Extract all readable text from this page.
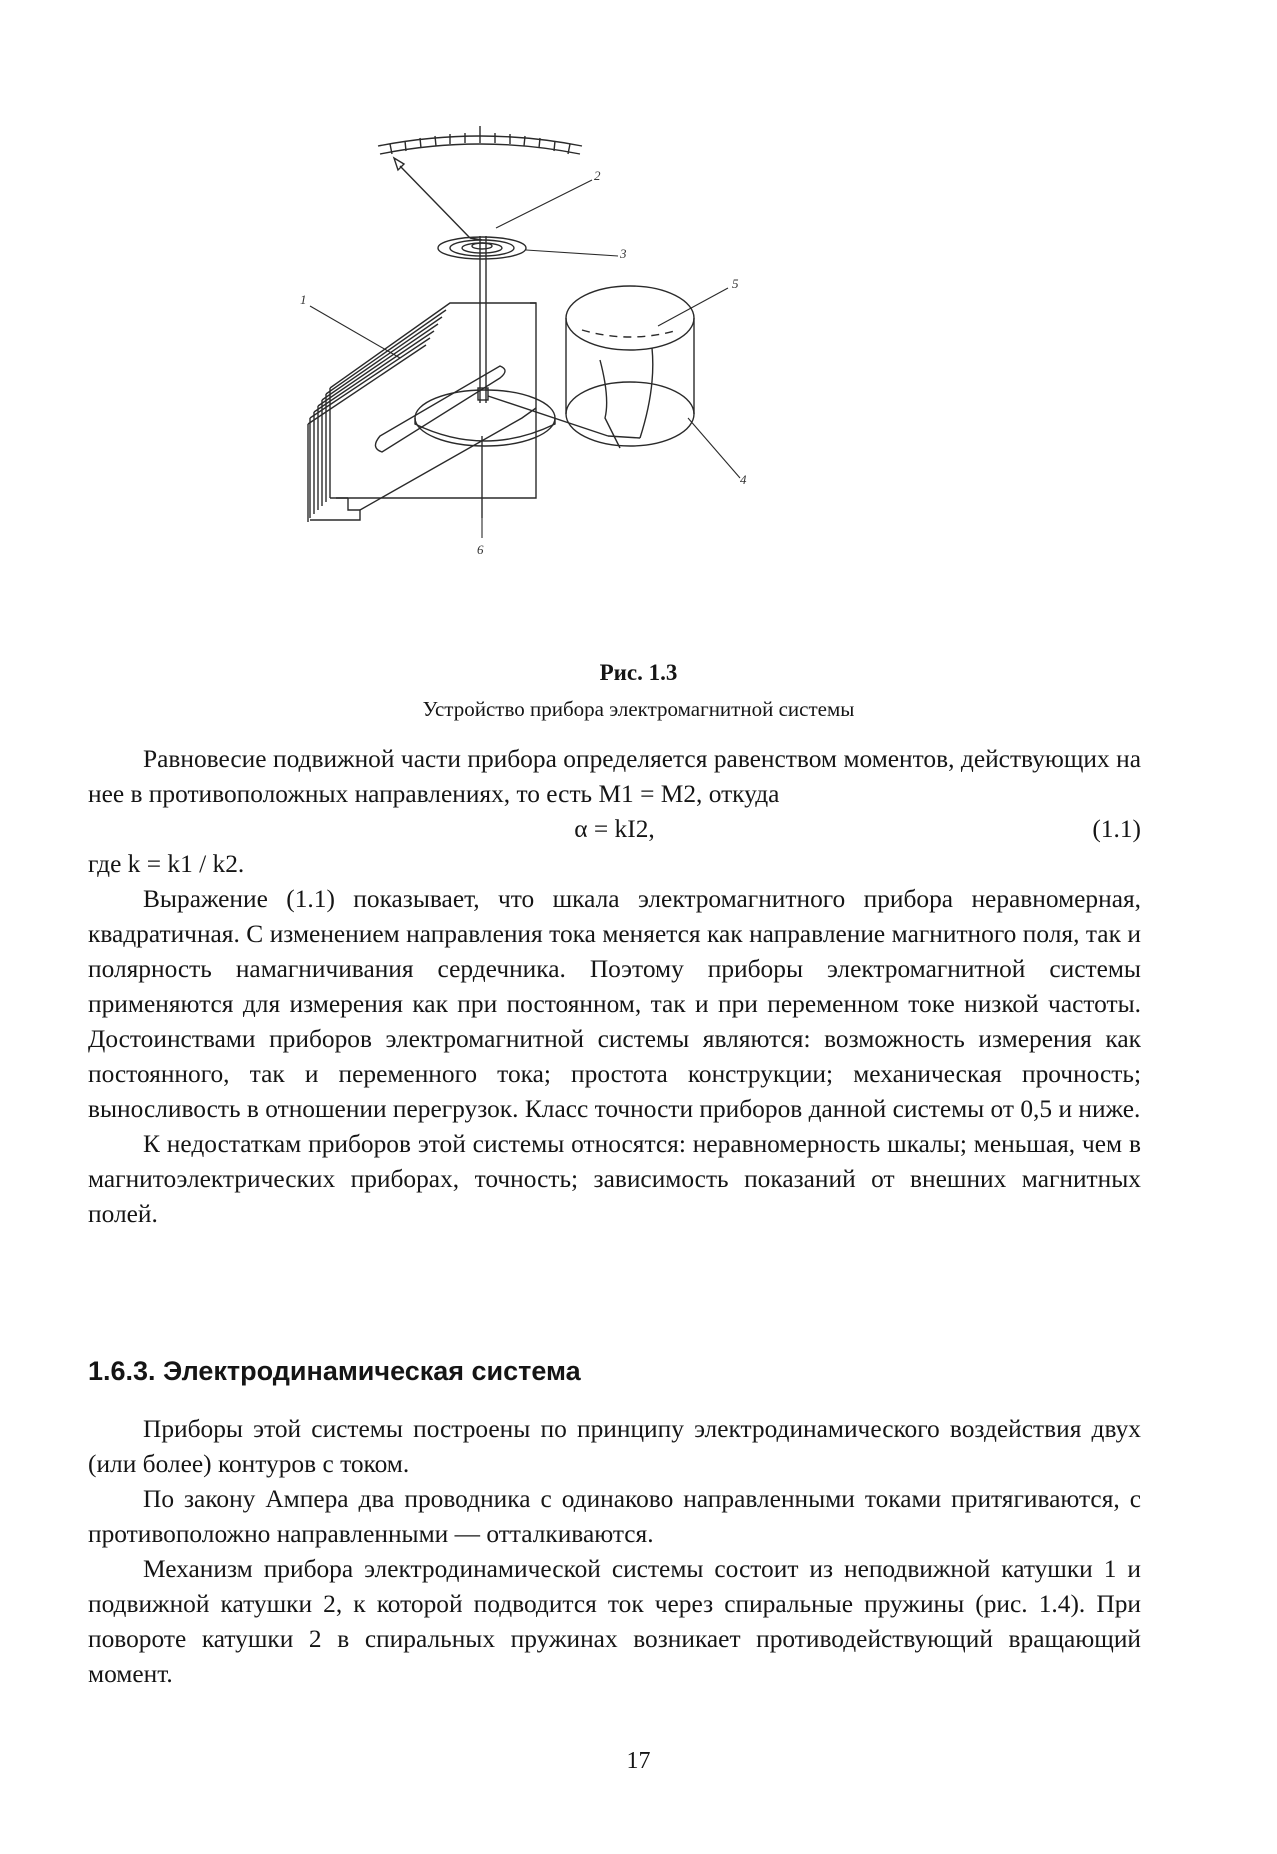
1
2
3
4
5
6
Рис. 1.3
Устройство прибора электромагнитной системы

Равновесие подвижной части прибора определяется равенством моментов, действующих на нее в противоположных направлениях, то есть M1 = M2, откуда

α = kI2,	(1.1)

где k = k1 / k2.

Выражение (1.1) показывает, что шкала электромагнитного прибора неравномерная, квадратичная. С изменением направления тока меняется как направление магнитного поля, так и полярность намагничивания сердечника. Поэтому приборы электромагнитной системы применяются для измерения как при постоянном, так и при переменном токе низкой частоты. Достоинствами приборов электромагнитной системы являются: возможность измерения как постоянного, так и переменного тока; простота конструкции; механическая прочность; выносливость в отношении перегрузок. Класс точности приборов данной системы от 0,5 и ниже.

К недостаткам приборов этой системы относятся: неравномерность шкалы; меньшая, чем в магнитоэлектрических приборах, точность; зависимость показаний от внешних магнитных полей.

1.6.3. Электродинамическая система

Приборы этой системы построены по принципу электродинамического воздействия двух (или более) контуров с током.

По закону Ампера два проводника с одинаково направленными токами притягиваются, с противоположно направленными — отталкиваются.

Механизм прибора электродинамической системы состоит из неподвижной катушки 1 и подвижной катушки 2, к которой подводится ток через спиральные пружины (рис. 1.4). При повороте катушки 2 в спиральных пружинах возникает противодействующий вращающий момент.

17
